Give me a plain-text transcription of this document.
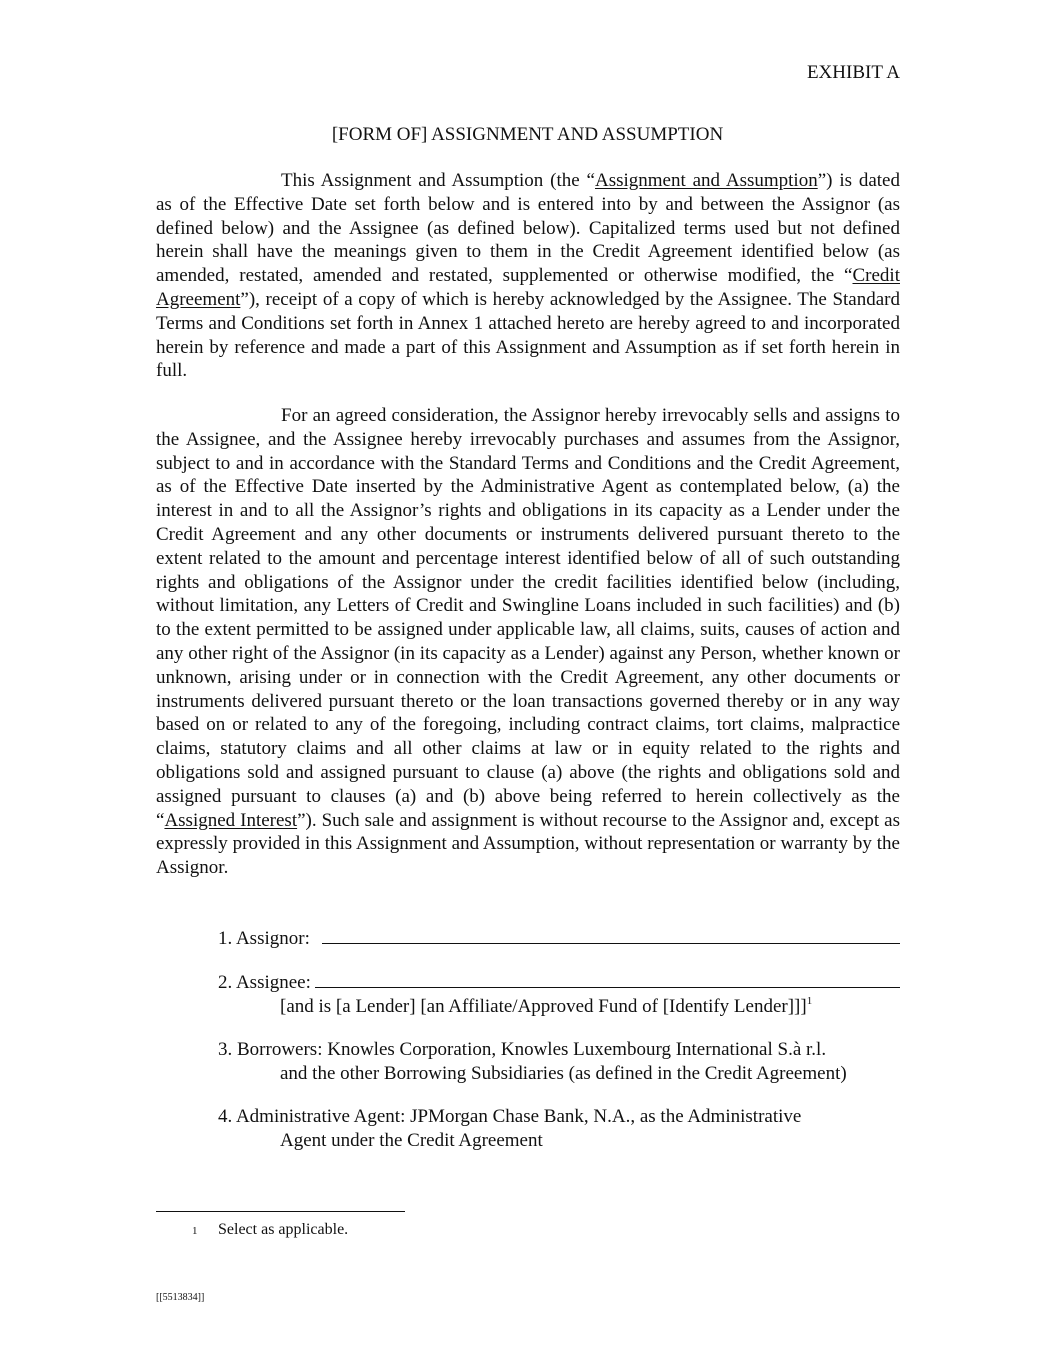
EXHIBIT A
[FORM OF] ASSIGNMENT AND ASSUMPTION

This Assignment and Assumption (the “Assignment and Assumption”) is dated as of the Effective Date set forth below and is entered into by and between the Assignor (as defined below) and the Assignee (as defined below). Capitalized terms used but not defined herein shall have the meanings given to them in the Credit Agreement identified below (as amended, restated, amended and restated, supplemented or otherwise modified, the “Credit Agreement”), receipt of a copy of which is hereby acknowledged by the Assignee. The Standard Terms and Conditions set forth in Annex 1 attached hereto are hereby agreed to and incorporated herein by reference and made a part of this Assignment and Assumption as if set forth herein in full.

For an agreed consideration, the Assignor hereby irrevocably sells and assigns to the Assignee, and the Assignee hereby irrevocably purchases and assumes from the Assignor, subject to and in accordance with the Standard Terms and Conditions and the Credit Agreement, as of the Effective Date inserted by the Administrative Agent as contemplated below, (a) the interest in and to all the Assignor’s rights and obligations in its capacity as a Lender under the Credit Agreement and any other documents or instruments delivered pursuant thereto to the extent related to the amount and percentage interest identified below of all of such outstanding rights and obligations of the Assignor under the credit facilities identified below (including, without limitation, any Letters of Credit and Swingline Loans included in such facilities) and (b) to the extent permitted to be assigned under applicable law, all claims, suits, causes of action and any other right of the Assignor (in its capacity as a Lender) against any Person, whether known or unknown, arising under or in connection with the Credit Agreement, any other documents or instruments delivered pursuant thereto or the loan transactions governed thereby or in any way based on or related to any of the foregoing, including contract claims, tort claims, malpractice claims, statutory claims and all other claims at law or in equity related to the rights and obligations sold and assigned pursuant to clause (a) above (the rights and obligations sold and assigned pursuant to clauses (a) and (b) above being referred to herein collectively as the “Assigned Interest”). Such sale and assignment is without recourse to the Assignor and, except as expressly provided in this Assignment and Assumption, without representation or warranty by the Assignor.

1. Assignor:
2. Assignee:
[and is [a Lender] [an Affiliate/Approved Fund of [Identify Lender]]]$^1$
3. Borrowers: Knowles Corporation, Knowles Luxembourg International S.à r.l.
and the other Borrowing Subsidiaries (as defined in the Credit Agreement)
4. Administrative Agent: JPMorgan Chase Bank, N.A., as the Administrative
Agent under the Credit Agreement
1	Select as applicable.
[[5513834]]
